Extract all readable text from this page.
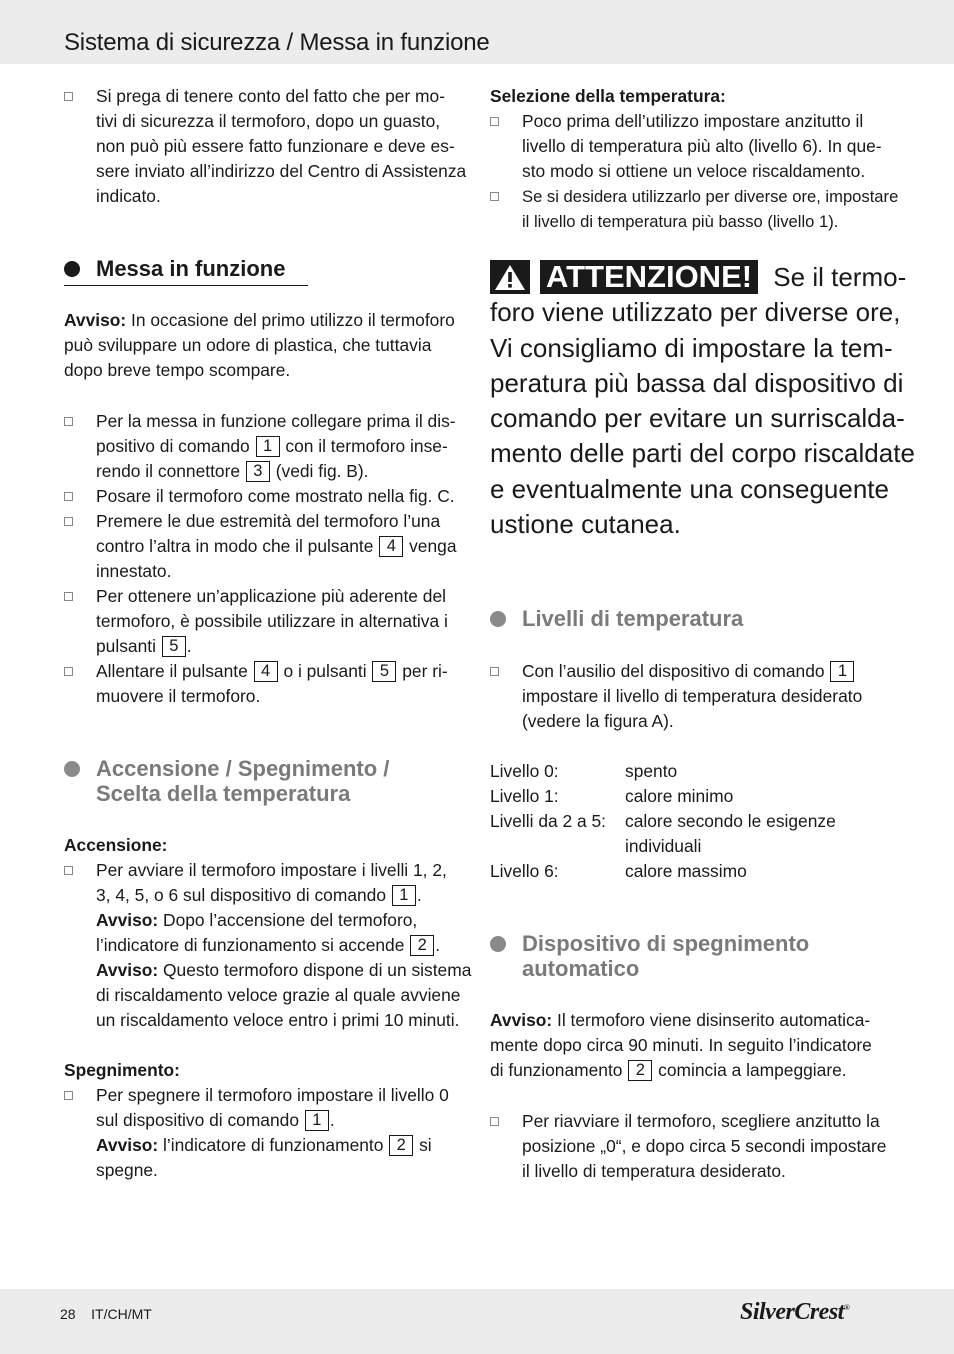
Sistema di sicurezza / Messa in funzione
Si prega di tenere conto del fatto che per mo-
tivi di sicurezza il termoforo, dopo un guasto,
non può più essere fatto funzionare e deve es-
sere inviato all’indirizzo del Centro di Assistenza
indicato.
Messa in funzione
Avviso: In occasione del primo utilizzo il termoforo
può sviluppare un odore di plastica, che tuttavia
dopo breve tempo scompare.
Per la messa in funzione collegare prima il dis-
positivo di comando 1 con il termoforo inse-
rendo il connettore 3 (vedi fig. B).
Posare il termoforo come mostrato nella fig. C.
Premere le due estremità del termoforo l’una
contro l’altra in modo che il pulsante 4 venga
innestato.
Per ottenere un’applicazione più aderente del
termoforo, è possibile utilizzare in alternativa i
pulsanti 5 .
Allentare il pulsante 4 o i pulsanti 5 per ri-
muovere il termoforo.
Accensione / Spegnimento /
Scelta della temperatura
Accensione:
Per avviare il termoforo impostare i livelli 1, 2,
3, 4, 5, o 6 sul dispositivo di comando 1 .
Avviso: Dopo l’accensione del termoforo,
l’indicatore di funzionamento si accende 2 .
Avviso: Questo termoforo dispone di un sistema
di riscaldamento veloce grazie al quale avviene
un riscaldamento veloce entro i primi 10 minuti.
Spegnimento:
Per spegnere il termoforo impostare il livello 0
sul dispositivo di comando 1 .
Avviso: l’indicatore di funzionamento 2 si
spegne.
Selezione della temperatura:
Poco prima dell’utilizzo impostare anzitutto il
livello di temperatura più alto (livello 6). In que-
sto modo si ottiene un veloce riscaldamento.
Se si desidera utilizzarlo per diverse ore, impostare
il livello di temperatura più basso (livello 1).
ATTENZIONE! Se il termo-
foro viene utilizzato per diverse ore,
Vi consigliamo di impostare la tem-
peratura più bassa dal dispositivo di
comando per evitare un surriscalda-
mento delle parti del corpo riscaldate
e eventualmente una conseguente
ustione cutanea.
Livelli di temperatura
Con l’ausilio del dispositivo di comando 1
impostare il livello di temperatura desiderato
(vedere la figura A).
Livello 0:	spento
Livello 1:	calore minimo
Livelli da 2 a 5: calore secondo le esigenze
individuali
Livello 6:	calore massimo
Dispositivo di spegnimento
automatico
Avviso: Il termoforo viene disinserito automatica-
mente dopo circa 90 minuti. In seguito l’indicatore
di funzionamento 2 comincia a lampeggiare.
Per riavviare il termoforo, scegliere anzitutto la
posizione „0“, e dopo circa 5 secondi impostare
il livello di temperatura desiderato.
28 IT/CH/MT	SilverCrest®
